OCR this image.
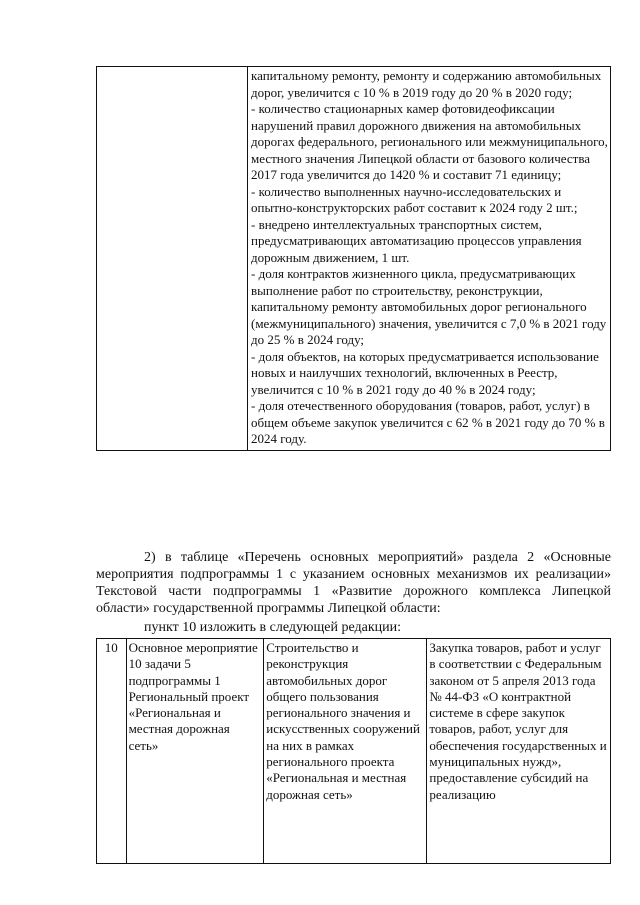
капитальному ремонту, ремонту и содержанию автомобильных дорог, увеличится с 10 % в 2019 году до 20 % в 2020 году;

- количество стационарных камер фотовидеофиксации нарушений правил дорожного движения на автомобильных дорогах федерального, регионального или межмуниципального, местного значения Липецкой области от базового количества 2017 года увеличится до 1420 % и составит 71 единицу;

- количество выполненных научно-исследовательских и опытно-конструкторских работ составит к 2024 году 2 шт.;

- внедрено интеллектуальных транспортных систем, предусматривающих автоматизацию процессов управления дорожным движением, 1 шт.

- доля контрактов жизненного цикла, предусматривающих выполнение работ по строительству, реконструкции, капитальному ремонту автомобильных дорог регионального (межмуниципального) значения, увеличится с 7,0 % в 2021 году до 25 % в 2024 году;

- доля объектов, на которых предусматривается использование новых и наилучших технологий, включенных в Реестр, увеличится с 10 % в 2021 году до 40 % в 2024 году;

- доля отечественного оборудования (товаров, работ, услуг) в общем объеме закупок увеличится с 62 % в 2021 году до 70 % в 2024 году.

2) в таблице «Перечень основных мероприятий» раздела 2 «Основные мероприятия подпрограммы 1 с указанием основных механизмов их реализации» Текстовой части подпрограммы 1 «Развитие дорожного комплекса Липецкой области» государственной программы Липецкой области:

пункт 10 изложить в следующей редакции:

10	Основное мероприятие 10 задачи 5 подпрограммы 1 Региональный проект «Региональная и местная дорожная сеть»	Строительство и реконструкция автомобильных дорог общего пользования регионального значения и искусственных сооружений на них в рамках регионального проекта «Региональная и местная дорожная сеть»	Закупка товаров, работ и услуг в соответствии с Федеральным законом от 5 апреля 2013 года № 44-ФЗ «О контрактной системе в сфере закупок товаров, работ, услуг для обеспечения государственных и муниципальных нужд», предоставление субсидий на реализацию
